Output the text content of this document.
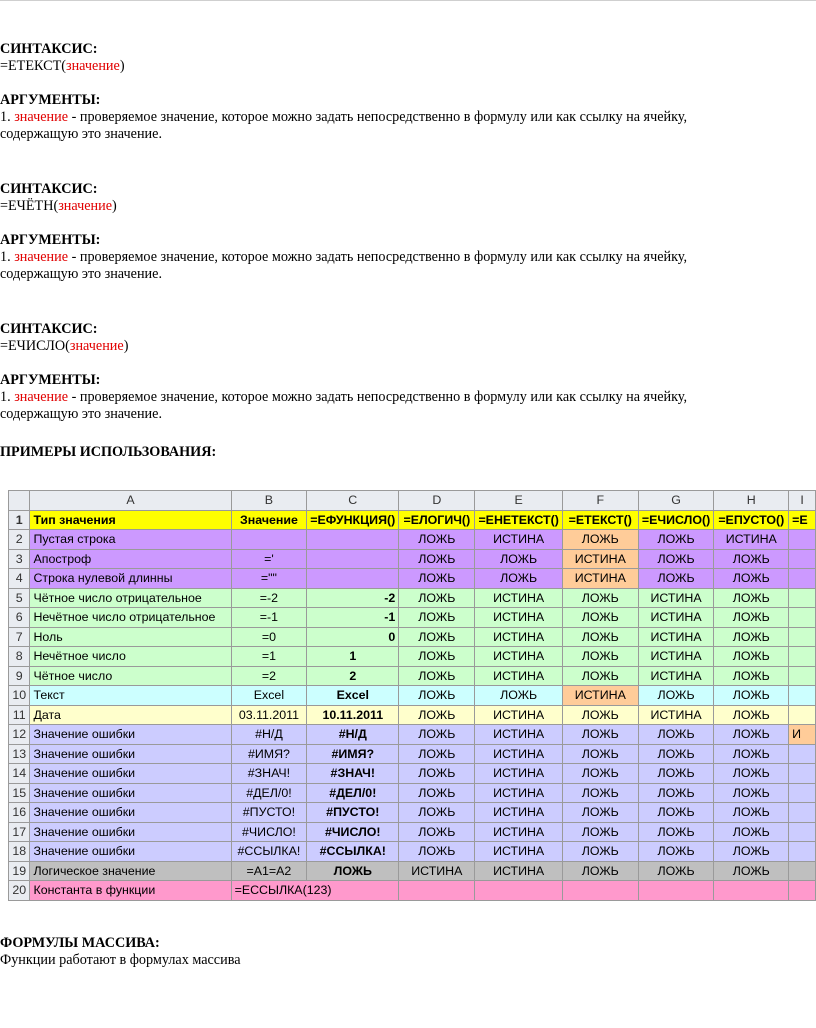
СИНТАКСИС:
=ЕТЕКСТ(значение)
АРГУМЕНТЫ:
1. значение - проверяемое значение, которое можно задать непосредственно в формулу или как ссылку на ячейку,
содержащую это значение.
СИНТАКСИС:
=ЕЧЁТН(значение)
АРГУМЕНТЫ:
1. значение - проверяемое значение, которое можно задать непосредственно в формулу или как ссылку на ячейку,
содержащую это значение.
СИНТАКСИС:
=ЕЧИСЛО(значение)
АРГУМЕНТЫ:
1. значение - проверяемое значение, которое можно задать непосредственно в формулу или как ссылку на ячейку,
содержащую это значение.
ПРИМЕРЫ ИСПОЛЬЗОВАНИЯ:
ФОРМУЛЫ МАССИВА:
Функции работают в формулах массива
	A	B	C	D	E	F	G	H	I
1	Тип значения	Значение	=ЕФУНКЦИЯ()	=ЕЛОГИЧ()	=ЕНЕТЕКСТ()	=ЕТЕКСТ()	=ЕЧИСЛО()	=ЕПУСТО()	=Е
2	Пустая строка			ЛОЖЬ	ИСТИНА	ЛОЖЬ	ЛОЖЬ	ИСТИНА	
3	Апостроф	='		ЛОЖЬ	ЛОЖЬ	ИСТИНА	ЛОЖЬ	ЛОЖЬ	
4	Строка нулевой длинны	=""		ЛОЖЬ	ЛОЖЬ	ИСТИНА	ЛОЖЬ	ЛОЖЬ	
5	Чётное число отрицательное	=-2	-2	ЛОЖЬ	ИСТИНА	ЛОЖЬ	ИСТИНА	ЛОЖЬ	
6	Нечётное число отрицательное	=-1	-1	ЛОЖЬ	ИСТИНА	ЛОЖЬ	ИСТИНА	ЛОЖЬ	
7	Ноль	=0	0	ЛОЖЬ	ИСТИНА	ЛОЖЬ	ИСТИНА	ЛОЖЬ	
8	Нечётное число	=1	1	ЛОЖЬ	ИСТИНА	ЛОЖЬ	ИСТИНА	ЛОЖЬ	
9	Чётное число	=2	2	ЛОЖЬ	ИСТИНА	ЛОЖЬ	ИСТИНА	ЛОЖЬ	
10	Текст	Excel	Excel	ЛОЖЬ	ЛОЖЬ	ИСТИНА	ЛОЖЬ	ЛОЖЬ	
11	Дата	03.11.2011	10.11.2011	ЛОЖЬ	ИСТИНА	ЛОЖЬ	ИСТИНА	ЛОЖЬ	
12	Значение ошибки	#Н/Д	#Н/Д	ЛОЖЬ	ИСТИНА	ЛОЖЬ	ЛОЖЬ	ЛОЖЬ	И
13	Значение ошибки	#ИМЯ?	#ИМЯ?	ЛОЖЬ	ИСТИНА	ЛОЖЬ	ЛОЖЬ	ЛОЖЬ	
14	Значение ошибки	#ЗНАЧ!	#ЗНАЧ!	ЛОЖЬ	ИСТИНА	ЛОЖЬ	ЛОЖЬ	ЛОЖЬ	
15	Значение ошибки	#ДЕЛ/0!	#ДЕЛ/0!	ЛОЖЬ	ИСТИНА	ЛОЖЬ	ЛОЖЬ	ЛОЖЬ	
16	Значение ошибки	#ПУСТО!	#ПУСТО!	ЛОЖЬ	ИСТИНА	ЛОЖЬ	ЛОЖЬ	ЛОЖЬ	
17	Значение ошибки	#ЧИСЛО!	#ЧИСЛО!	ЛОЖЬ	ИСТИНА	ЛОЖЬ	ЛОЖЬ	ЛОЖЬ	
18	Значение ошибки	#ССЫЛКА!	#ССЫЛКА!	ЛОЖЬ	ИСТИНА	ЛОЖЬ	ЛОЖЬ	ЛОЖЬ	
19	Логическое значение	=A1=A2	ЛОЖЬ	ИСТИНА	ИСТИНА	ЛОЖЬ	ЛОЖЬ	ЛОЖЬ	
20	Константа в функции	=ЕССЫЛКА(123)							
